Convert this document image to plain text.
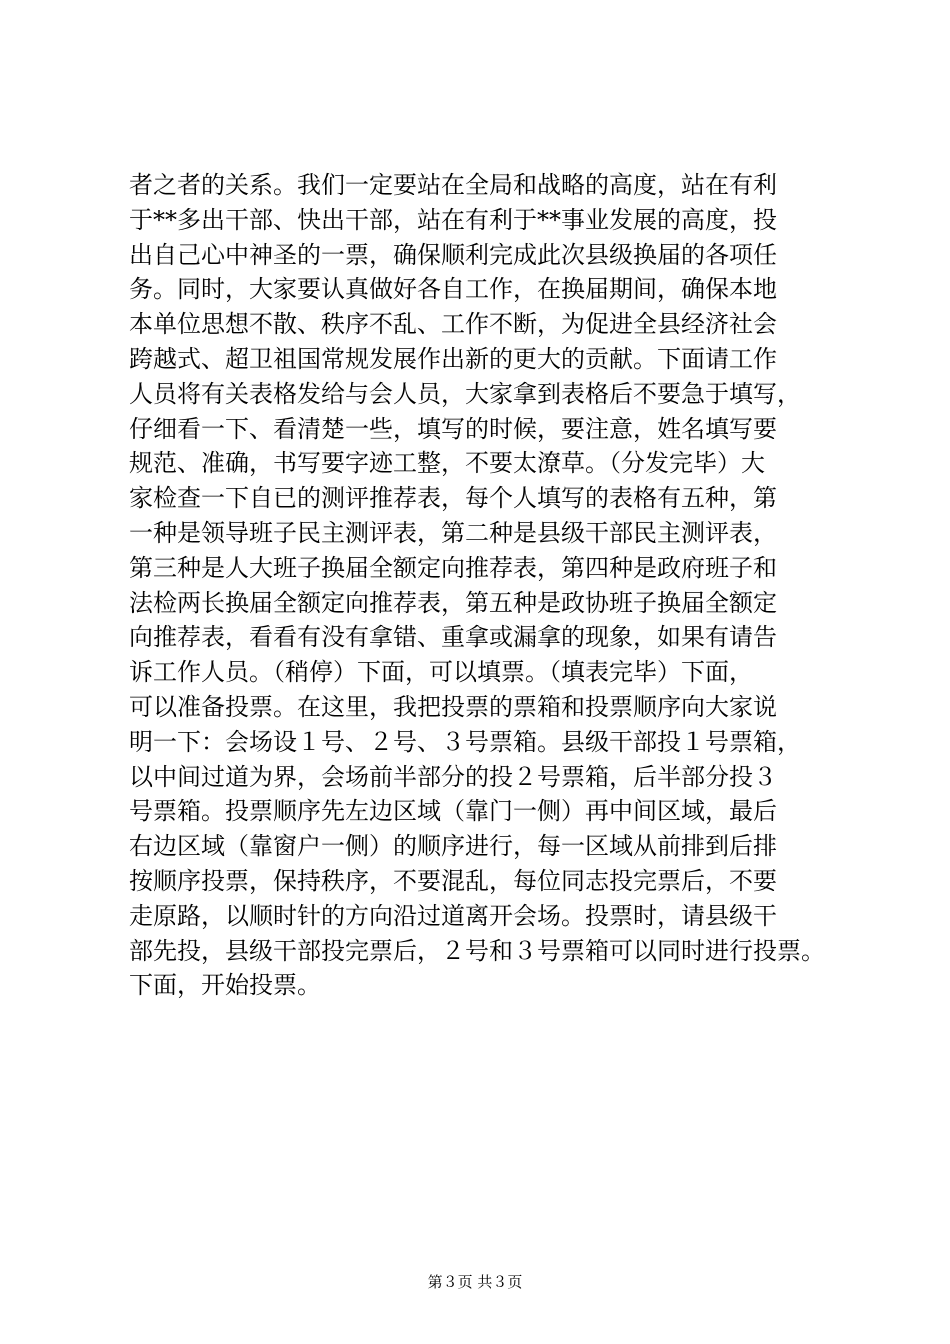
者之者的关系。我们一定要站在全局和战略的高度，站在有利
于**多出干部、快出干部，站在有利于**事业发展的高度，投
出自己心中神圣的一票，确保顺利完成此次县级换届的各项任
务。同时，大家要认真做好各自工作，在换届期间，确保本地
本单位思想不散、秩序不乱、工作不断，为促进全县经济社会
跨越式、超卫祖国常规发展作出新的更大的贡献。下面请工作
人员将有关表格发给与会人员，大家拿到表格后不要急于填写，
仔细看一下、看清楚一些，填写的时候，要注意，姓名填写要
规范、准确，书写要字迹工整，不要太潦草。（分发完毕）大
家检查一下自已的测评推荐表，每个人填写的表格有五种，第
一种是领导班子民主测评表，第二种是县级干部民主测评表，
第三种是人大班子换届全额定向推荐表，第四种是政府班子和
法检两长换届全额定向推荐表，第五种是政协班子换届全额定
向推荐表，看看有没有拿错、重拿或漏拿的现象，如果有请告
诉工作人员。（稍停）下面，可以填票。（填表完毕）下面，
可以准备投票。在这里，我把投票的票箱和投票顺序向大家说
明一下：会场设１号、２号、３号票箱。县级干部投１号票箱，
以中间过道为界，会场前半部分的投２号票箱，后半部分投３
号票箱。投票顺序先左边区域（靠门一侧）再中间区域，最后
右边区域（靠窗户一侧）的顺序进行，每一区域从前排到后排
按顺序投票，保持秩序，不要混乱，每位同志投完票后，不要
走原路，以顺时针的方向沿过道离开会场。投票时，请县级干
部先投，县级干部投完票后，２号和３号票箱可以同时进行投票。
下面，开始投票。
第３页 共３页
